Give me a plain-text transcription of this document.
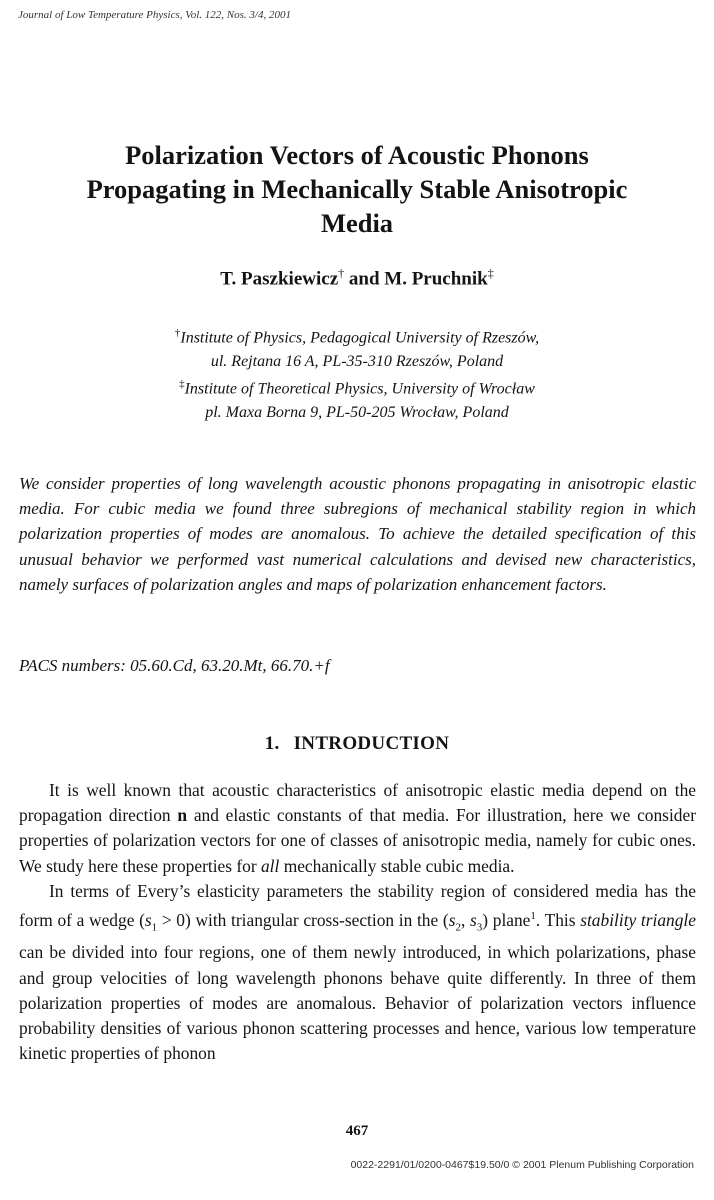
Journal of Low Temperature Physics, Vol. 122, Nos. 3/4, 2001
Polarization Vectors of Acoustic Phonons
Propagating in Mechanically Stable Anisotropic
Media
T. Paszkiewicz† and M. Pruchnik‡
†Institute of Physics, Pedagogical University of Rzeszów,
ul. Rejtana 16 A, PL-35-310 Rzeszów, Poland
‡Institute of Theoretical Physics, University of Wrocław
pl. Maxa Borna 9, PL-50-205 Wrocław, Poland
We consider properties of long wavelength acoustic phonons propagating in anisotropic elastic media. For cubic media we found three subregions of mechanical stability region in which polarization properties of modes are anomalous. To achieve the detailed specification of this unusual behavior we performed vast numerical calculations and devised new characteristics, namely surfaces of polarization angles and maps of polarization enhancement factors.
PACS numbers: 05.60.Cd, 63.20.Mt, 66.70.+f
1. INTRODUCTION

It is well known that acoustic characteristics of anisotropic elastic media depend on the propagation direction n and elastic constants of that media. For illustration, here we consider properties of polarization vectors for one of classes of anisotropic media, namely for cubic ones. We study here these properties for all mechanically stable cubic media.

In terms of Every’s elasticity parameters the stability region of considered media has the form of a wedge $(s_1 > 0)$ with triangular cross-section in the ($s_2$, $s_3$) plane$^1$. This stability triangle can be divided into four regions, one of them newly introduced, in which polarizations, phase and group velocities of long wavelength phonons behave quite differently. In three of them polarization properties of modes are anomalous. Behavior of polarization vectors influence probability densities of various phonon scattering processes and hence, various low temperature kinetic properties of phonon

467
0022-2291/01/0200-0467$19.50/0 © 2001 Plenum Publishing Corporation
